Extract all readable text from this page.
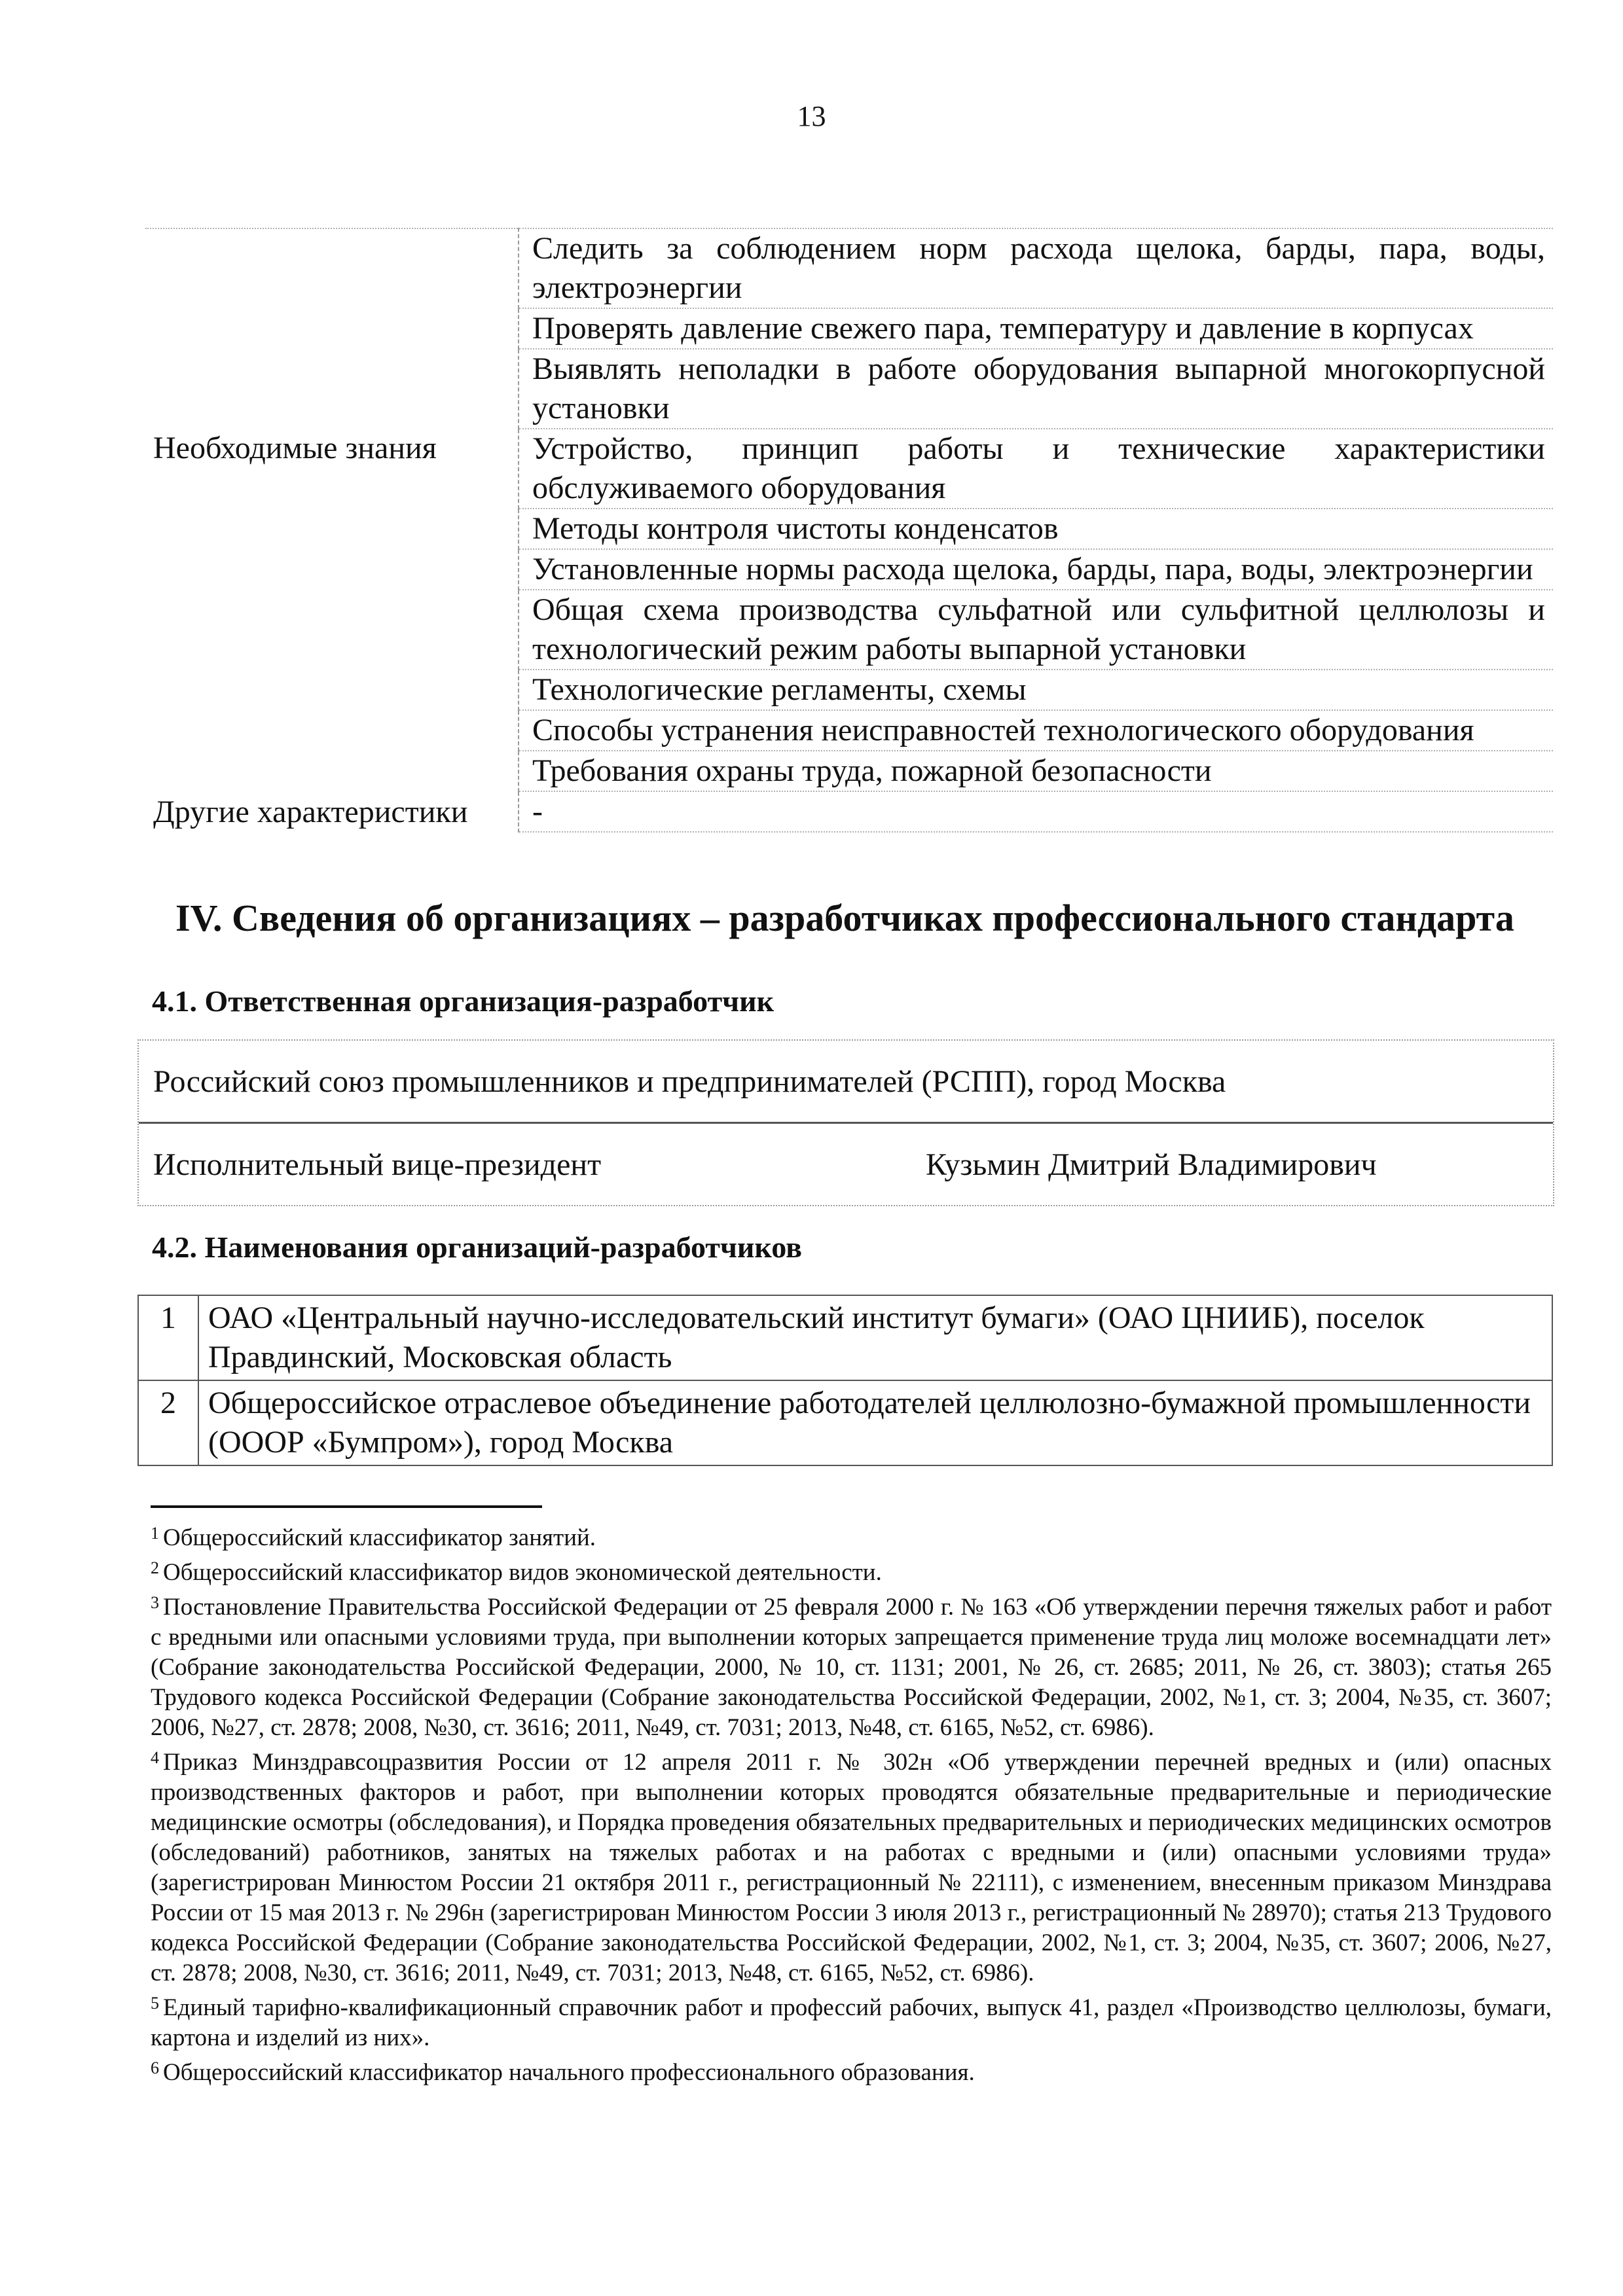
13
	Следить за соблюдением норм расхода щелока, барды, пара, воды, электроэнергии
	Проверять давление свежего пара, температуру и давление в корпусах
	Выявлять неполадки в работе оборудования выпарной многокорпусной установки
Необходимые знания	Устройство, принцип работы и технические характеристики обслуживаемого оборудования
	Методы контроля чистоты конденсатов
	Установленные нормы расхода щелока, барды, пара, воды, электроэнергии
	Общая схема производства сульфатной или сульфитной целлюлозы и технологический режим работы выпарной установки
	Технологические регламенты, схемы
	Способы устранения неисправностей технологического оборудования
	Требования охраны труда, пожарной безопасности
Другие характеристики	-
IV. Сведения об организациях – разработчиках профессионального стандарта
4.1. Ответственная организация-разработчик
Российский союз промышленников и предпринимателей (РСПП), город Москва
Исполнительный вице-президент	Кузьмин Дмитрий Владимирович
4.2. Наименования организаций-разработчиков
1	ОАО «Центральный научно-исследовательский институт бумаги» (ОАО ЦНИИБ), поселок Правдинский, Московская область
2	Общероссийское отраслевое объединение работодателей целлюлозно-бумажной промышленности (ОООР «Бумпром»), город Москва

$^1$ Общероссийский классификатор занятий.

$^2$ Общероссийский классификатор видов экономической деятельности.

$^3$ Постановление Правительства Российской Федерации от 25 февраля 2000 г. № 163 «Об утверждении перечня тяжелых работ и работ с вредными или опасными условиями труда, при выполнении которых запрещается применение труда лиц моложе восемнадцати лет» (Собрание законодательства Российской Федерации, 2000, № 10, ст. 1131; 2001, № 26, ст. 2685; 2011, № 26, ст. 3803); статья 265 Трудового кодекса Российской Федерации (Собрание законодательства Российской Федерации, 2002, №1, ст. 3; 2004, №35, ст. 3607; 2006, №27, ст. 2878; 2008, №30, ст. 3616; 2011, №49, ст. 7031; 2013, №48, ст. 6165, №52, ст. 6986).

$^4$ Приказ Минздравсоцразвития России от 12 апреля 2011 г. № 302н «Об утверждении перечней вредных и (или) опасных производственных факторов и работ, при выполнении которых проводятся обязательные предварительные и периодические медицинские осмотры (обследования), и Порядка проведения обязательных предварительных и периодических медицинских осмотров (обследований) работников, занятых на тяжелых работах и на работах с вредными и (или) опасными условиями труда» (зарегистрирован Минюстом России 21 октября 2011 г., регистрационный № 22111), с изменением, внесенным приказом Минздрава России от 15 мая 2013 г. № 296н (зарегистрирован Минюстом России 3 июля 2013 г., регистрационный № 28970); статья 213 Трудового кодекса Российской Федерации (Собрание законодательства Российской Федерации, 2002, №1, ст. 3; 2004, №35, ст. 3607; 2006, №27, ст. 2878; 2008, №30, ст. 3616; 2011, №49, ст. 7031; 2013, №48, ст. 6165, №52, ст. 6986).

$^5$ Единый тарифно-квалификационный справочник работ и профессий рабочих, выпуск 41, раздел «Производство целлюлозы, бумаги, картона и изделий из них».

$^6$ Общероссийский классификатор начального профессионального образования.
